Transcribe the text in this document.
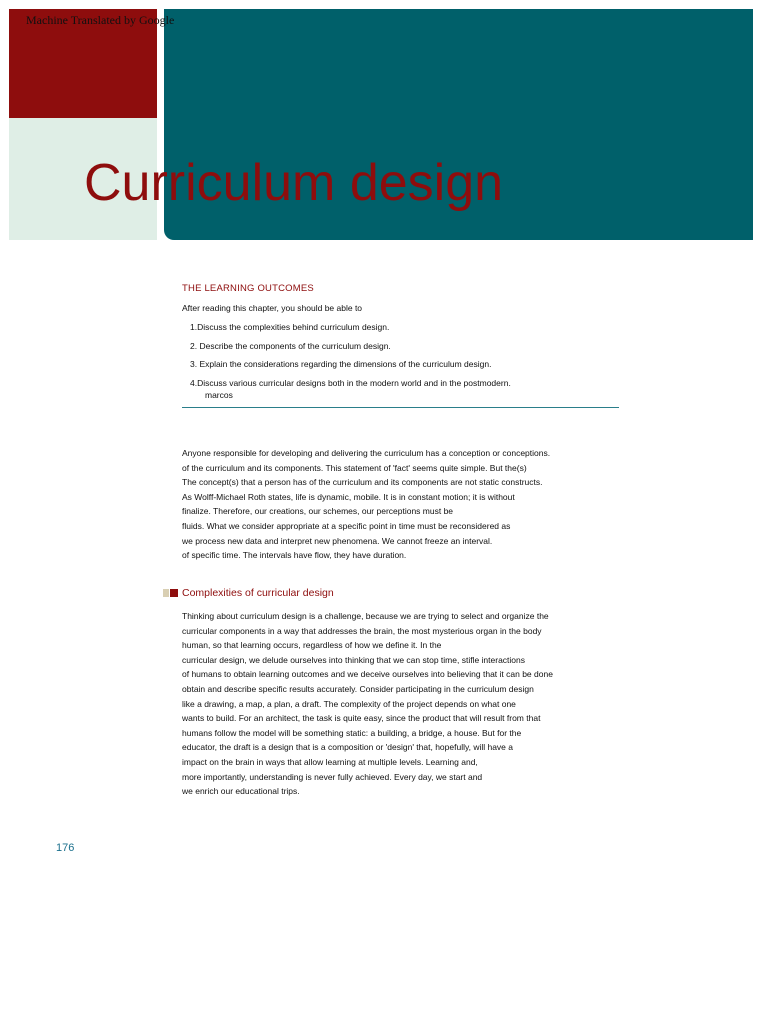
Machine Translated by Google
Curriculum design
THE LEARNING OUTCOMES
After reading this chapter, you should be able to
1.Discuss the complexities behind curriculum design.
2. Describe the components of the curriculum design.
3. Explain the considerations regarding the dimensions of the curriculum design.
4.Discuss various curricular designs both in the modern world and in the postmodern.
marcos
Anyone responsible for developing and delivering the curriculum has a conception or conceptions.
of the curriculum and its components. This statement of 'fact' seems quite simple. But the(s)
The concept(s) that a person has of the curriculum and its components are not static constructs.
As Wolff-Michael Roth states, life is dynamic, mobile. It is in constant motion; it is without
finalize. Therefore, our creations, our schemes, our perceptions must be
fluids. What we consider appropriate at a specific point in time must be reconsidered as
we process new data and interpret new phenomena. We cannot freeze an interval.
of specific time. The intervals have flow, they have duration.
Complexities of curricular design
Thinking about curriculum design is a challenge, because we are trying to select and organize the
curricular components in a way that addresses the brain, the most mysterious organ in the body
human, so that learning occurs, regardless of how we define it. In the
curricular design, we delude ourselves into thinking that we can stop time, stifle interactions
of humans to obtain learning outcomes and we deceive ourselves into believing that it can be done
obtain and describe specific results accurately. Consider participating in the curriculum design
like a drawing, a map, a plan, a draft. The complexity of the project depends on what one
wants to build. For an architect, the task is quite easy, since the product that will result from that
humans follow the model will be something static: a building, a bridge, a house. But for the
educator, the draft is a design that is a composition or 'design' that, hopefully, will have a
impact on the brain in ways that allow learning at multiple levels. Learning and,
more importantly, understanding is never fully achieved. Every day, we start and
we enrich our educational trips.
176
